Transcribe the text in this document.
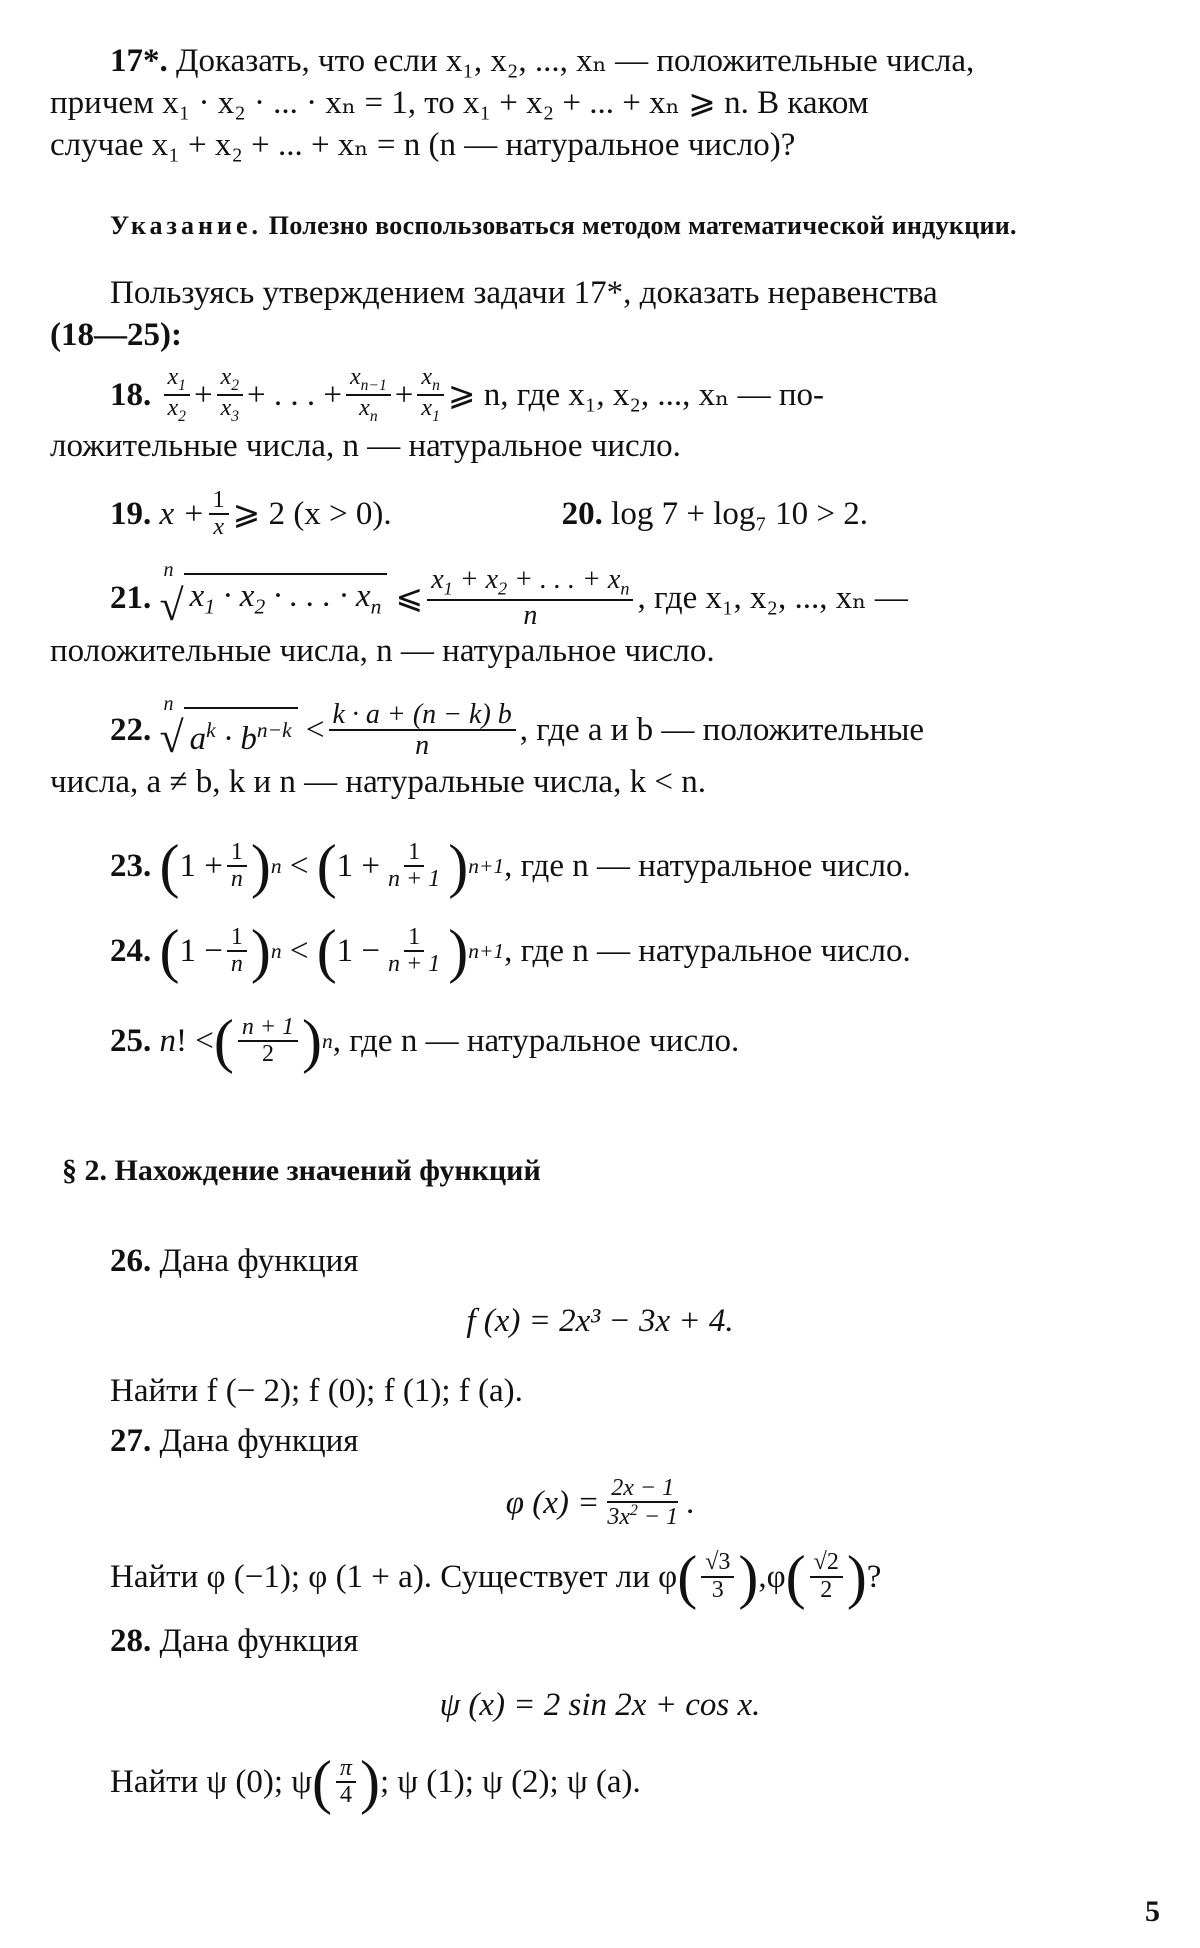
17*. Доказать, что если x₁, x₂, ..., xₙ — положительные числа,
причем x₁ · x₂ · ... · xₙ = 1, то x₁ + x₂ + ... + xₙ ⩾ n. В каком
случае x₁ + x₂ + ... + xₙ = n (n — натуральное число)?
Указание. Полезно воспользоваться методом математической индукции.
Пользуясь утверждением задачи 17*, доказать неравенства
(18—25):
18.
$\frac{x_1}{x_2} + \frac{x_2}{x_3}$ + . . . + $\frac{x_{n-1}}{x_n} + \frac{x_n}{x_1}$ ⩾ n, где x₁, x₂, ..., xₙ — по-
ложительные числа, n — натуральное число.
19.
$x + \frac{1}{x}$ ⩾ 2 (x > 0).	20.
log 7 + log₇ 10 > 2.
21.

n
√ $x_1 \cdot x_2$ · . . . · $x_n$ ⩽ $\frac{x_1 + x_2 + . . . + x_n}{n}$ , где x₁, x₂, ..., xₙ —
положительные числа, n — натуральное число.
22.

n
√ $a^k \cdot b^{n-k} < \frac{k \cdot a + (n - k) b}{n}$ , где a и b — положительные
числа, a ≠ b, k и n — натуральные числа, k < n.
23.
( $1 + \frac{1}{n}$ ) n < ( $1 + \frac{1}{n + 1}$ ) n+1 , где n — натуральное число.
24.
( $1 - \frac{1}{n}$ ) n < ( $1 - \frac{1}{n + 1}$ ) n+1 , где n — натуральное число.
25.
n ! < ( $\frac{n + 1}{2}$ ) n , где n — натуральное число.
§ 2. Нахождение значений функций
26. Дана функция
f (x) = 2x³ − 3x + 4.
Найти f (− 2); f (0); f (1); f (a).
27. Дана функция
φ $(x) = \frac{2x - 1}{3x^2 - 1}$ .
Найти φ (−1); φ (1 + a). Существует ли φ ( $\frac{√3}{3}$ ) , φ ( $\frac{√2}{2}$ ) ?
28. Дана функция
ψ (x) = 2 sin 2x + cos x.
Найти ψ (0); ψ ( $\frac{\pi}{4}$ ) ; ψ (1); ψ (2); ψ (a).
5
